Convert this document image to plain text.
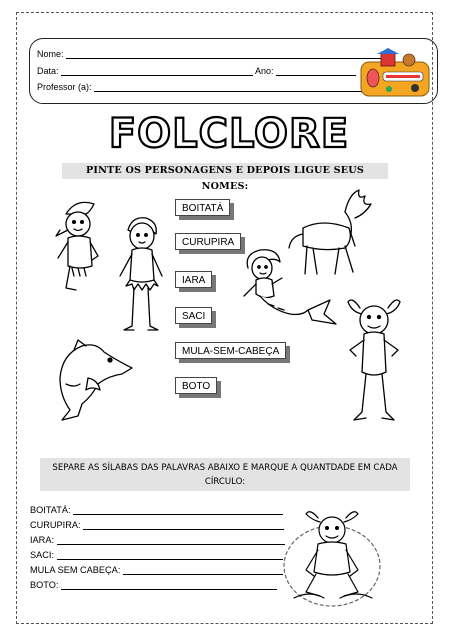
Nome:
Data:	Ano:
Professor (a):
FOLCLORE
PINTE OS PERSONAGENS E DEPOIS LIGUE SEUS NOMES:
BOITATÁ
CURUPIRA
IARA
SACI
MULA-SEM-CABEÇA
BOTO
SEPARE AS SÍLABAS DAS PALAVRAS ABAIXO E MARQUE A QUANTDADE EM CADA
CÍRCULO:
BOITATÁ:
CURUPIRA:
IARA:
SACI:
MULA SEM CABEÇA:
BOTO:
